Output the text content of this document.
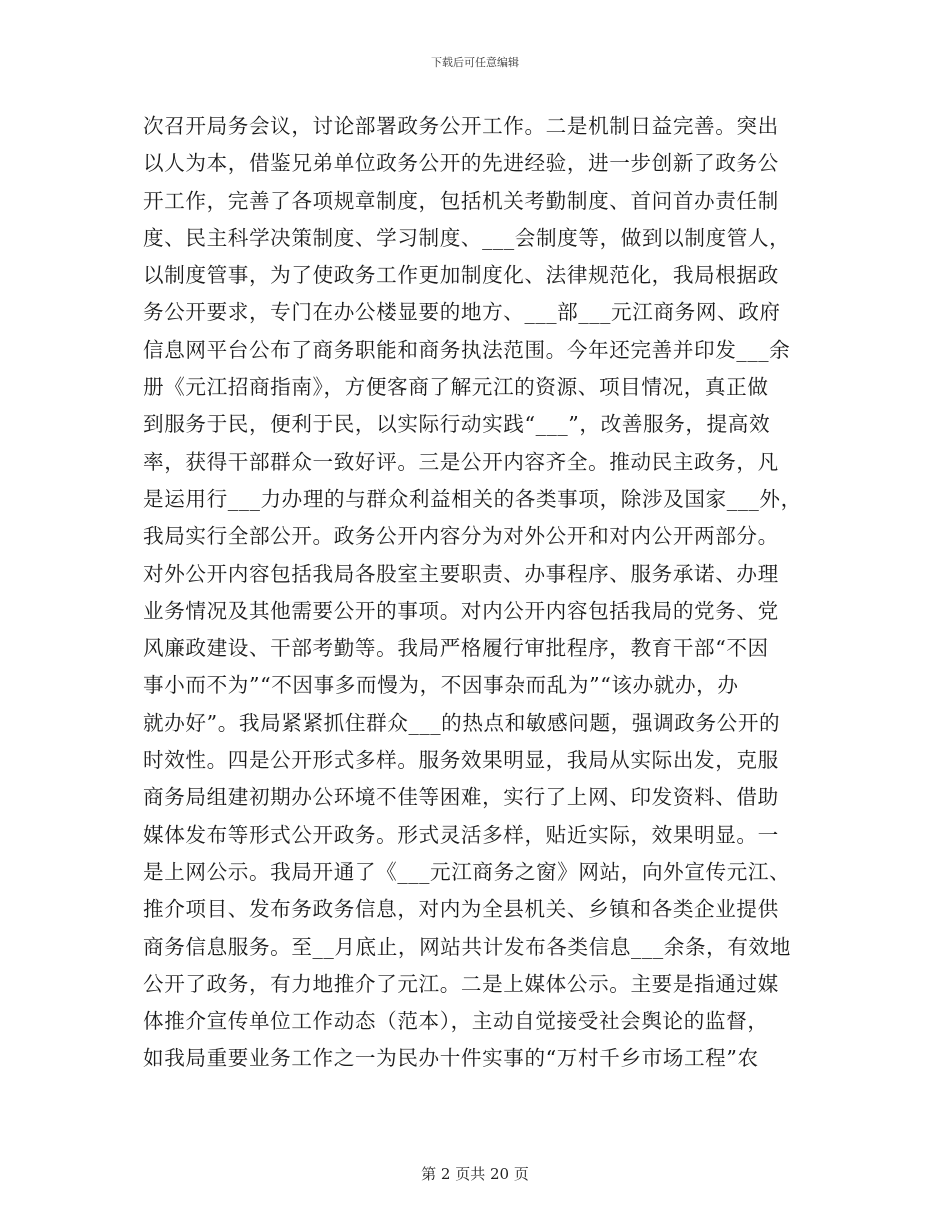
下载后可任意编辑
次召开局务会议，讨论部署政务公开工作。二是机制日益完善。突出
以人为本，借鉴兄弟单位政务公开的先进经验，进一步创新了政务公
开工作，完善了各项规章制度，包括机关考勤制度、首问首办责任制
度、民主科学决策制度、学习制度、___会制度等，做到以制度管人，
以制度管事，为了使政务工作更加制度化、法律规范化，我局根据政
务公开要求，专门在办公楼显要的地方、___部___元江商务网、政府
信息网平台公布了商务职能和商务执法范围。今年还完善并印发___余
册《元江招商指南》，方便客商了解元江的资源、项目情况，真正做
到服务于民，便利于民，以实际行动实践“___”，改善服务，提高效
率，获得干部群众一致好评。三是公开内容齐全。推动民主政务，凡
是运用行___力办理的与群众利益相关的各类事项，除涉及国家___外，
我局实行全部公开。政务公开内容分为对外公开和对内公开两部分。
对外公开内容包括我局各股室主要职责、办事程序、服务承诺、办理
业务情况及其他需要公开的事项。对内公开内容包括我局的党务、党
风廉政建设、干部考勤等。我局严格履行审批程序，教育干部“不因
事小而不为”“不因事多而慢为，不因事杂而乱为”“该办就办，办
就办好”。我局紧紧抓住群众___的热点和敏感问题，强调政务公开的
时效性。四是公开形式多样。服务效果明显，我局从实际出发，克服
商务局组建初期办公环境不佳等困难，实行了上网、印发资料、借助
媒体发布等形式公开政务。形式灵活多样，贴近实际，效果明显。一
是上网公示。我局开通了《___元江商务之窗》网站，向外宣传元江、
推介项目、发布务政务信息，对内为全县机关、乡镇和各类企业提供
商务信息服务。至__月底止，网站共计发布各类信息___余条，有效地
公开了政务，有力地推介了元江。二是上媒体公示。主要是指通过媒
体推介宣传单位工作动态（范本），主动自觉接受社会舆论的监督，
如我局重要业务工作之一为民办十件实事的“万村千乡市场工程”农
第 2 页共 20 页
